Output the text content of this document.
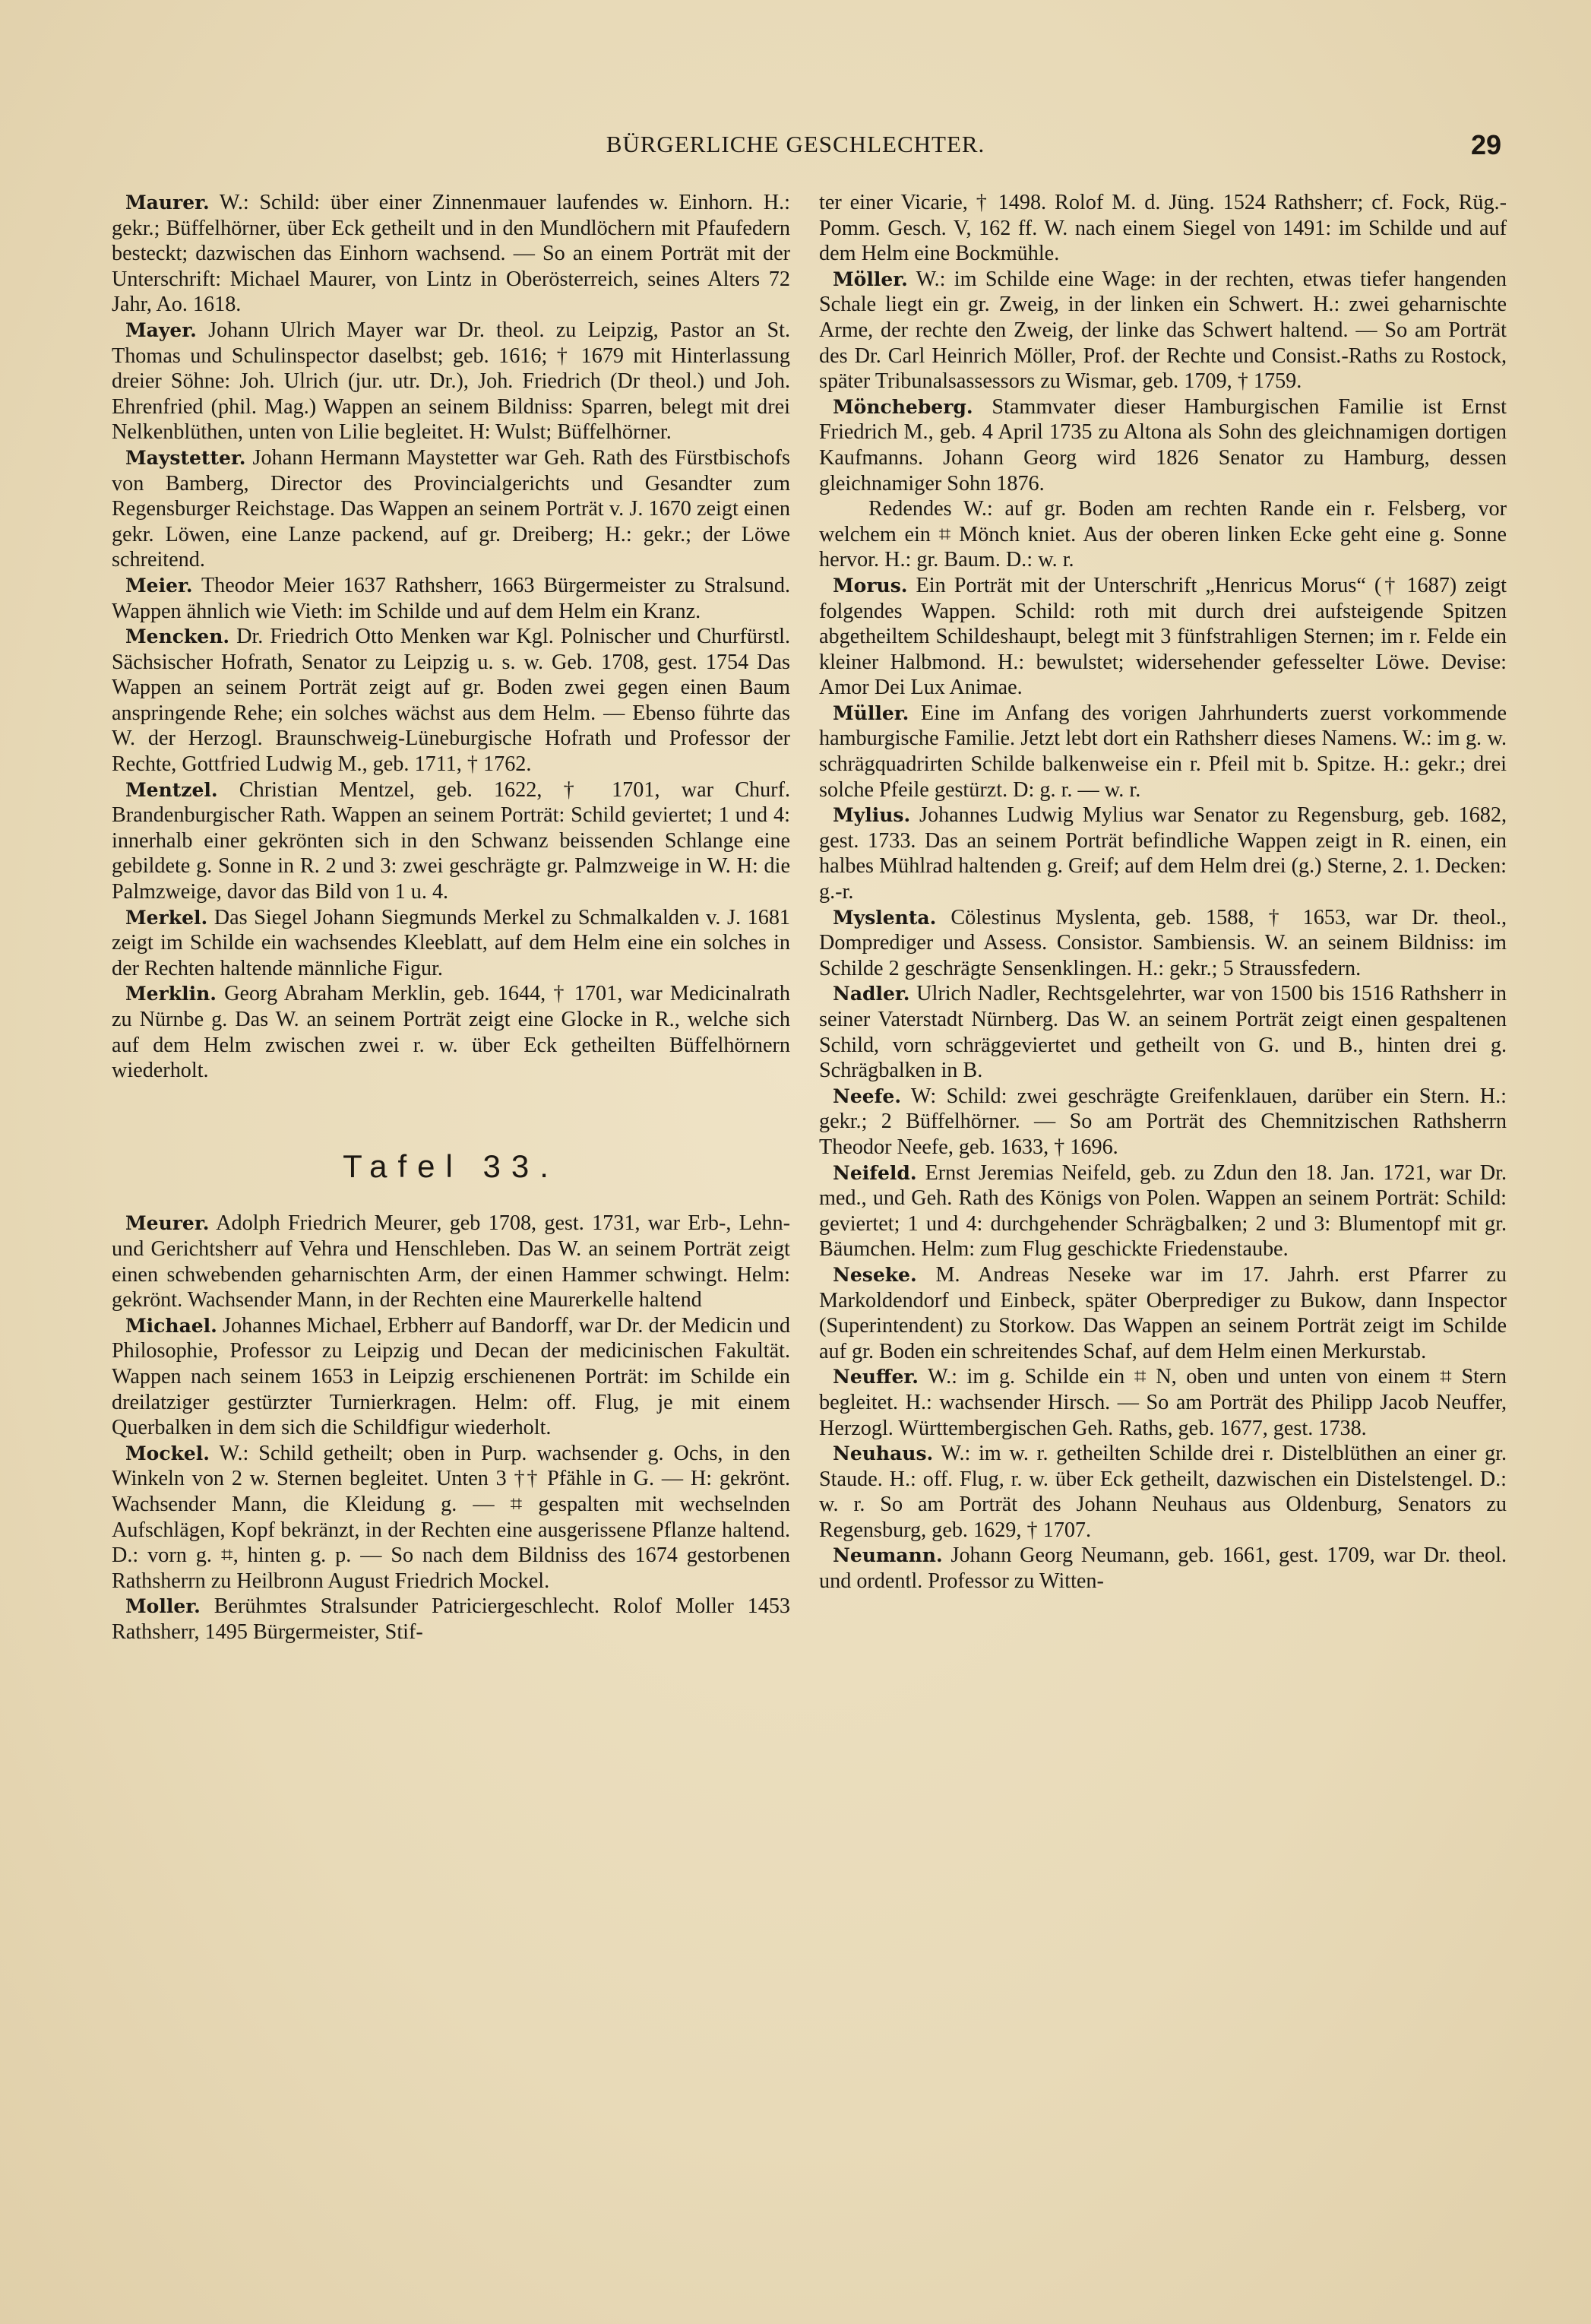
BÜRGERLICHE GESCHLECHTER.	29

Maurer. W.: Schild: über einer Zinnenmauer laufendes w. Einhorn. H.: gekr.; Büffelhörner, über Eck getheilt und in den Mundlöchern mit Pfaufedern besteckt; dazwischen das Einhorn wachsend. — So an einem Porträt mit der Unterschrift: Michael Maurer, von Lintz in Oberösterreich, seines Alters 72 Jahr, Ao. 1618.

Mayer. Johann Ulrich Mayer war Dr. theol. zu Leipzig, Pastor an St. Thomas und Schulinspector daselbst; geb. 1616; † 1679 mit Hinterlassung dreier Söhne: Joh. Ulrich (jur. utr. Dr.), Joh. Friedrich (Dr theol.) und Joh. Ehrenfried (phil. Mag.) Wappen an seinem Bildniss: Sparren, belegt mit drei Nelkenblüthen, unten von Lilie begleitet. H: Wulst; Büffelhörner.

Maystetter. Johann Hermann Maystetter war Geh. Rath des Fürstbischofs von Bamberg, Director des Provincialgerichts und Gesandter zum Regensburger Reichstage. Das Wappen an seinem Porträt v. J. 1670 zeigt einen gekr. Löwen, eine Lanze packend, auf gr. Dreiberg; H.: gekr.; der Löwe schreitend.

Meier. Theodor Meier 1637 Rathsherr, 1663 Bürgermeister zu Stralsund. Wappen ähnlich wie Vieth: im Schilde und auf dem Helm ein Kranz.

Mencken. Dr. Friedrich Otto Menken war Kgl. Polnischer und Churfürstl. Sächsischer Hofrath, Senator zu Leipzig u. s. w. Geb. 1708, gest. 1754 Das Wappen an seinem Porträt zeigt auf gr. Boden zwei gegen einen Baum anspringende Rehe; ein solches wächst aus dem Helm. — Ebenso führte das W. der Herzogl. Braunschweig-Lüneburgische Hofrath und Professor der Rechte, Gottfried Ludwig M., geb. 1711, † 1762.

Mentzel. Christian Mentzel, geb. 1622, † 1701, war Churf. Brandenburgischer Rath. Wappen an seinem Porträt: Schild geviertet; 1 und 4: innerhalb einer gekrönten sich in den Schwanz beissenden Schlange eine gebildete g. Sonne in R. 2 und 3: zwei geschrägte gr. Palmzweige in W. H: die Palmzweige, davor das Bild von 1 u. 4.

Merkel. Das Siegel Johann Siegmunds Merkel zu Schmalkalden v. J. 1681 zeigt im Schilde ein wachsendes Kleeblatt, auf dem Helm eine ein solches in der Rechten haltende männliche Figur.

Merklin. Georg Abraham Merklin, geb. 1644, † 1701, war Medicinalrath zu Nürnbe g. Das W. an seinem Porträt zeigt eine Glocke in R., welche sich auf dem Helm zwischen zwei r. w. über Eck getheilten Büffelhörnern wiederholt.

Tafel 33.

Meurer. Adolph Friedrich Meurer, geb 1708, gest. 1731, war Erb-, Lehn- und Gerichtsherr auf Vehra und Henschleben. Das W. an seinem Porträt zeigt einen schwebenden geharnischten Arm, der einen Hammer schwingt. Helm: gekrönt. Wachsender Mann, in der Rechten eine Maurerkelle haltend

Michael. Johannes Michael, Erbherr auf Bandorff, war Dr. der Medicin und Philosophie, Professor zu Leipzig und Decan der medicinischen Fakultät. Wappen nach seinem 1653 in Leipzig erschienenen Porträt: im Schilde ein dreilatziger gestürzter Turnierkragen. Helm: off. Flug, je mit einem Querbalken in dem sich die Schildfigur wiederholt.

Mockel. W.: Schild getheilt; oben in Purp. wachsender g. Ochs, in den Winkeln von 2 w. Sternen begleitet. Unten 3 †† Pfähle in G. — H: gekrönt. Wachsender Mann, die Kleidung g. — ⌗ gespalten mit wechselnden Aufschlägen, Kopf bekränzt, in der Rechten eine ausgerissene Pflanze haltend. D.: vorn g. ⌗, hinten g. p. — So nach dem Bildniss des 1674 gestorbenen Rathsherrn zu Heilbronn August Friedrich Mockel.

Moller. Berühmtes Stralsunder Patriciergeschlecht. Rolof Moller 1453 Rathsherr, 1495 Bürgermeister, Stif-

ter einer Vicarie, † 1498. Rolof M. d. Jüng. 1524 Rathsherr; cf. Fock, Rüg.-Pomm. Gesch. V, 162 ff. W. nach einem Siegel von 1491: im Schilde und auf dem Helm eine Bockmühle.

Möller. W.: im Schilde eine Wage: in der rechten, etwas tiefer hangenden Schale liegt ein gr. Zweig, in der linken ein Schwert. H.: zwei geharnischte Arme, der rechte den Zweig, der linke das Schwert haltend. — So am Porträt des Dr. Carl Heinrich Möller, Prof. der Rechte und Consist.-Raths zu Rostock, später Tribunalsassessors zu Wismar, geb. 1709, † 1759.

Möncheberg. Stammvater dieser Hamburgischen Familie ist Ernst Friedrich M., geb. 4 April 1735 zu Altona als Sohn des gleichnamigen dortigen Kaufmanns. Johann Georg wird 1826 Senator zu Hamburg, dessen gleichnamiger Sohn 1876.

Redendes W.: auf gr. Boden am rechten Rande ein r. Felsberg, vor welchem ein ⌗ Mönch kniet. Aus der oberen linken Ecke geht eine g. Sonne hervor. H.: gr. Baum. D.: w. r.

Morus. Ein Porträt mit der Unterschrift „Henricus Morus“ († 1687) zeigt folgendes Wappen. Schild: roth mit durch drei aufsteigende Spitzen abgetheiltem Schildeshaupt, belegt mit 3 fünfstrahligen Sternen; im r. Felde ein kleiner Halbmond. H.: bewulstet; widersehender gefesselter Löwe. Devise: Amor Dei Lux Animae.

Müller. Eine im Anfang des vorigen Jahrhunderts zuerst vorkommende hamburgische Familie. Jetzt lebt dort ein Rathsherr dieses Namens. W.: im g. w. schrägquadrirten Schilde balkenweise ein r. Pfeil mit b. Spitze. H.: gekr.; drei solche Pfeile gestürzt. D: g. r. — w. r.

Mylius. Johannes Ludwig Mylius war Senator zu Regensburg, geb. 1682, gest. 1733. Das an seinem Porträt befindliche Wappen zeigt in R. einen, ein halbes Mühlrad haltenden g. Greif; auf dem Helm drei (g.) Sterne, 2. 1. Decken: g.-r.

Myslenta. Cölestinus Myslenta, geb. 1588, † 1653, war Dr. theol., Domprediger und Assess. Consistor. Sambiensis. W. an seinem Bildniss: im Schilde 2 geschrägte Sensenklingen. H.: gekr.; 5 Straussfedern.

Nadler. Ulrich Nadler, Rechtsgelehrter, war von 1500 bis 1516 Rathsherr in seiner Vaterstadt Nürnberg. Das W. an seinem Porträt zeigt einen gespaltenen Schild, vorn schräggeviertet und getheilt von G. und B., hinten drei g. Schrägbalken in B.

Neefe. W: Schild: zwei geschrägte Greifenklauen, darüber ein Stern. H.: gekr.; 2 Büffelhörner. — So am Porträt des Chemnitzischen Rathsherrn Theodor Neefe, geb. 1633, † 1696.

Neifeld. Ernst Jeremias Neifeld, geb. zu Zdun den 18. Jan. 1721, war Dr. med., und Geh. Rath des Königs von Polen. Wappen an seinem Porträt: Schild: geviertet; 1 und 4: durchgehender Schrägbalken; 2 und 3: Blumentopf mit gr. Bäumchen. Helm: zum Flug geschickte Friedenstaube.

Neseke. M. Andreas Neseke war im 17. Jahrh. erst Pfarrer zu Markoldendorf und Einbeck, später Oberprediger zu Bukow, dann Inspector (Superintendent) zu Storkow. Das Wappen an seinem Porträt zeigt im Schilde auf gr. Boden ein schreitendes Schaf, auf dem Helm einen Merkurstab.

Neuffer. W.: im g. Schilde ein ⌗ N, oben und unten von einem ⌗ Stern begleitet. H.: wachsender Hirsch. — So am Porträt des Philipp Jacob Neuffer, Herzogl. Württembergischen Geh. Raths, geb. 1677, gest. 1738.

Neuhaus. W.: im w. r. getheilten Schilde drei r. Distelblüthen an einer gr. Staude. H.: off. Flug, r. w. über Eck getheilt, dazwischen ein Distelstengel. D.: w. r. So am Porträt des Johann Neuhaus aus Oldenburg, Senators zu Regensburg, geb. 1629, † 1707.

Neumann. Johann Georg Neumann, geb. 1661, gest. 1709, war Dr. theol. und ordentl. Professor zu Witten-
